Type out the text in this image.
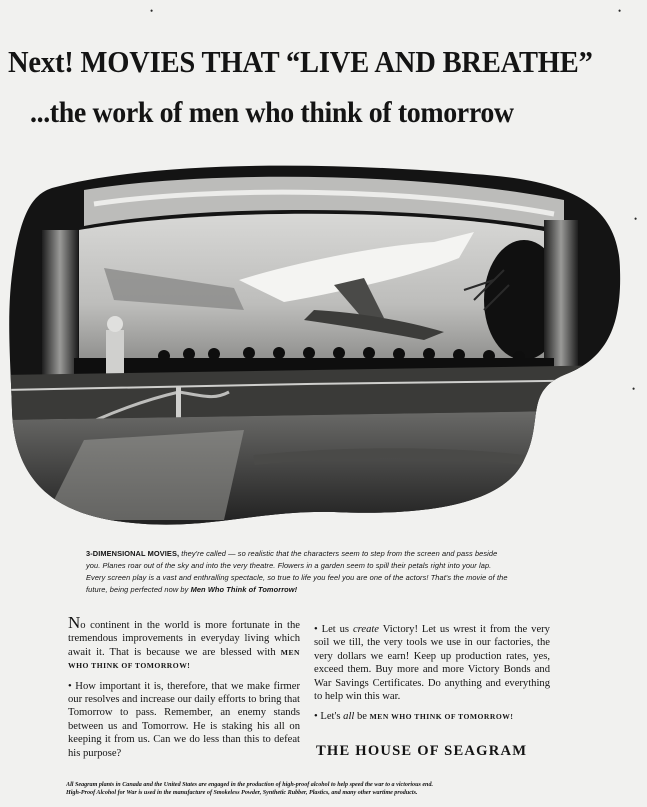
Next! MOVIES THAT “LIVE AND BREATHE”
...the work of men who think of tomorrow
3-DIMENSIONAL MOVIES, they're called — so realistic that the characters seem to step from the screen and pass beside you. Planes roar out of the sky and into the very theatre. Flowers in a garden seem to spill their petals right into your lap. Every screen play is a vast and enthralling spectacle, so true to life you feel you are one of the actors! That's the movie of the future, being perfected now by Men Who Think of Tomorrow!

No continent in the world is more fortunate in the tremendous improvements in everyday living which await it. That is because we are blessed with MEN WHO THINK OF TOMORROW!

• How important it is, therefore, that we make firmer our resolves and increase our daily efforts to bring that Tomorrow to pass. Remember, an enemy stands between us and Tomorrow. He is staking his all on keeping it from us. Can we do less than this to defeat his purpose?

• Let us create Victory! Let us wrest it from the very soil we till, the very tools we use in our factories, the very dollars we earn! Keep up production rates, yes, exceed them. Buy more and more Victory Bonds and War Savings Certificates. Do anything and everything to help win this war.

• Let's all be MEN WHO THINK OF TOMORROW!

THE HOUSE OF SEAGRAM
All Seagram plants in Canada and the United States are engaged in the production of high-proof alcohol to help speed the war to a victorious end.
High-Proof Alcohol for War is used in the manufacture of Smokeless Powder, Synthetic Rubber, Plastics, and many other wartime products.
•	•
•
•
